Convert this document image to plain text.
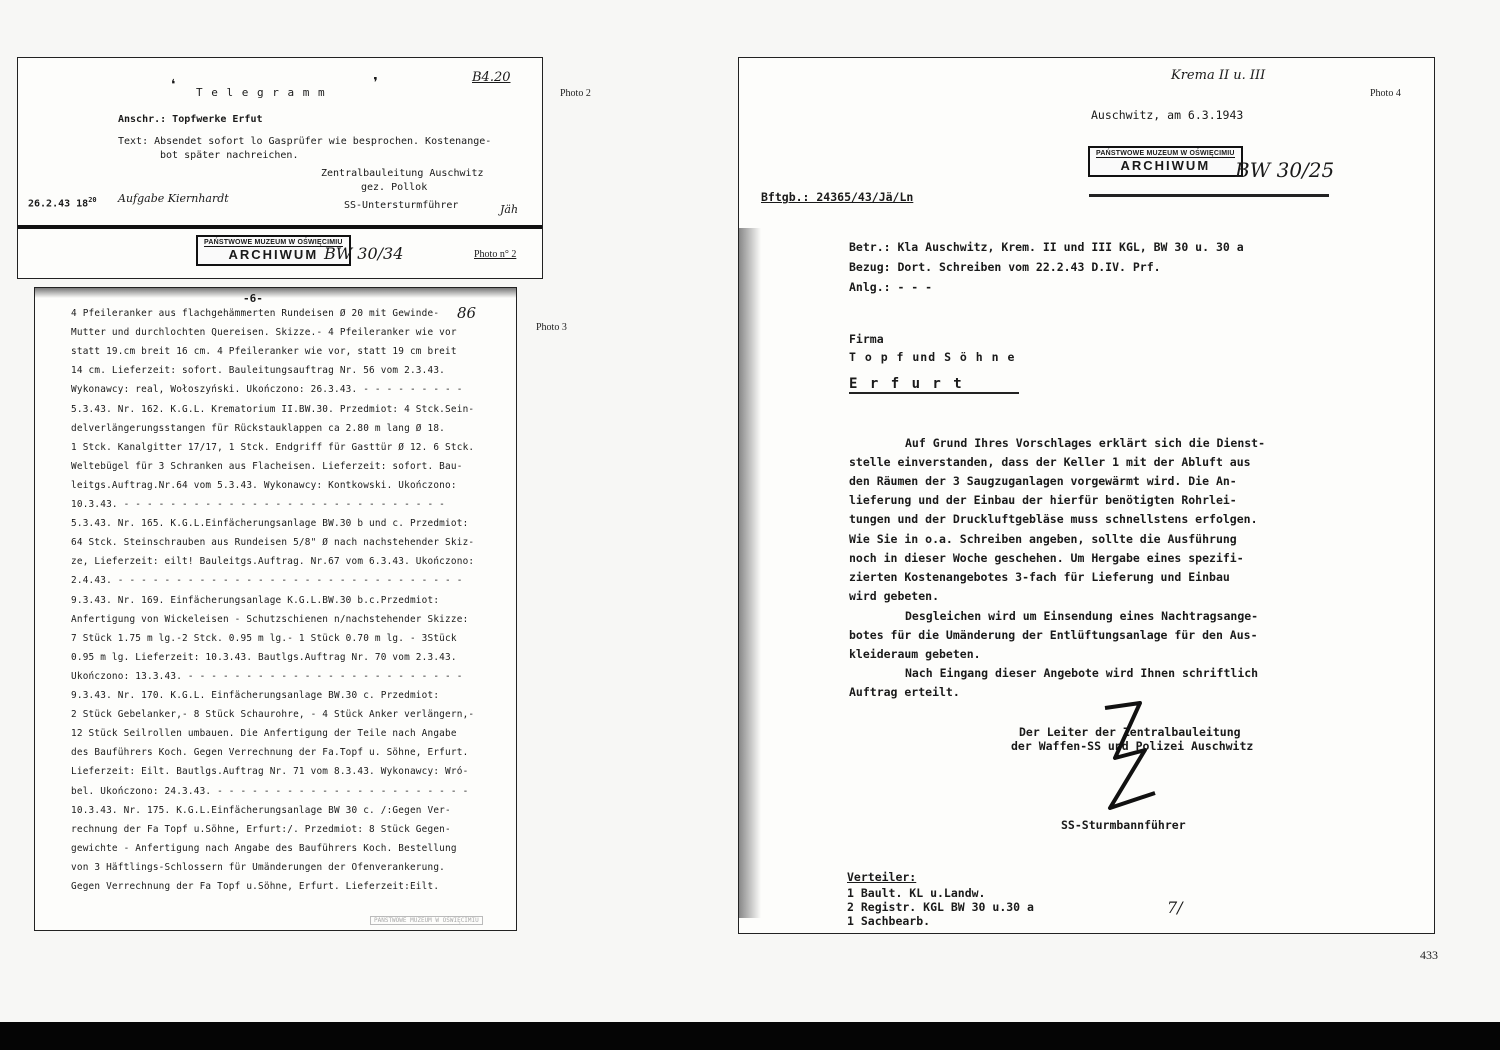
❛	❜	B4.20
T e l e g r a m m
Anschr.: Topfwerke Erfut
Text: Absendet sofort lo Gasprüfer wie besprochen. Kostenange-
bot später nachreichen.
Zentralbauleitung Auschwitz
gez. Pollok
SS-Untersturmführer
26.2.43 $18^{20}$ Aufgabe Kiernhardt
Jäh
PAŃSTWOWE MUZEUM W OŚWIĘCIMIU
ARCHIWUM BW 30/34	Photo n° 2
Photo 2
-6-
86
4 Pfeileranker aus flachgehämmerten Rundeisen Ø 20 mit Gewinde-
Mutter und durchlochten Quereisen. Skizze.- 4 Pfeileranker wie vor
statt 19.cm breit 16 cm. 4 Pfeileranker wie vor, statt 19 cm breit
14 cm. Lieferzeit: sofort. Bauleitungsauftrag Nr. 56 vom 2.3.43.
Wykonawcy: real, Wołoszyński. Ukończono: 26.3.43. - - - - - - - - -
5.3.43. Nr. 162. K.G.L. Krematorium II.BW.30. Przedmiot: 4 Stck.Sein-
delverlängerungsstangen für Rückstauklappen ca 2.80 m lang Ø 18.
1 Stck. Kanalgitter 17/17, 1 Stck. Endgriff für Gasttür Ø 12. 6 Stck.
Weltebügel für 3 Schranken aus Flacheisen. Lieferzeit: sofort. Bau-
leitgs.Auftrag.Nr.64 vom 5.3.43. Wykonawcy: Kontkowski. Ukończono:
10.3.43. - - - - - - - - - - - - - - - - - - - - - - - - - - - -
5.3.43. Nr. 165. K.G.L.Einfächerungsanlage BW.30 b und c. Przedmiot:
64 Stck. Steinschrauben aus Rundeisen 5/8" Ø nach nachstehender Skiz-
ze, Lieferzeit: eilt! Bauleitgs.Auftrag. Nr.67 vom 6.3.43. Ukończono:
2.4.43. - - - - - - - - - - - - - - - - - - - - - - - - - - - - - -
9.3.43. Nr. 169. Einfächerungsanlage K.G.L.BW.30 b.c.Przedmiot:
Anfertigung von Wickeleisen - Schutzschienen n/nachstehender Skizze:
7 Stück 1.75 m lg.-2 Stck. 0.95 m lg.- 1 Stück 0.70 m lg. - 3Stück
0.95 m lg. Lieferzeit: 10.3.43. Bautlgs.Auftrag Nr. 70 vom 2.3.43.
Ukończono: 13.3.43. - - - - - - - - - - - - - - - - - - - - - - - -
9.3.43. Nr. 170. K.G.L. Einfächerungsanlage BW.30 c. Przedmiot:
2 Stück Gebelanker,- 8 Stück Schaurohre, - 4 Stück Anker verlängern,-
12 Stück Seilrollen umbauen. Die Anfertigung der Teile nach Angabe
des Bauführers Koch. Gegen Verrechnung der Fa.Topf u. Söhne, Erfurt.
Lieferzeit: Eilt. Bautlgs.Auftrag Nr. 71 vom 8.3.43. Wykonawcy: Wró-
bel. Ukończono: 24.3.43. - - - - - - - - - - - - - - - - - - - - - -
10.3.43. Nr. 175. K.G.L.Einfächerungsanlage BW 30 c. /:Gegen Ver-
rechnung der Fa Topf u.Söhne, Erfurt:/. Przedmiot: 8 Stück Gegen-
gewichte - Anfertigung nach Angabe des Bauführers Koch. Bestellung
von 3 Häftlings-Schlossern für Umänderungen der Ofenverankerung.
Gegen Verrechnung der Fa Topf u.Söhne, Erfurt. Lieferzeit:Eilt.
PAŃSTWOWE MUZEUM W OŚWIĘCIMIU
Photo 3
Krema II u. III
Auschwitz, am 6.3.1943
PAŃSTWOWE MUZEUM W OŚWIĘCIMIU
ARCHIWUM	BW 30/25
Bftgb.: 24365/43/Jä/Ln
Betr.: Kla Auschwitz, Krem. II und III KGL, BW 30 u. 30 a
Bezug: Dort. Schreiben vom 22.2.43 D.IV. Prf.
Anlg.: - - -
Firma
T o p f und S ö h n e
E r f u r t
Auf Grund Ihres Vorschlages erklärt sich die Dienst-
stelle einverstanden, dass der Keller 1 mit der Abluft aus
den Räumen der 3 Saugzuganlagen vorgewärmt wird. Die An-
lieferung und der Einbau der hierfür benötigten Rohrlei-
tungen und der Druckluftgebläse muss schnellstens erfolgen.
Wie Sie in o.a. Schreiben angeben, sollte die Ausführung
noch in dieser Woche geschehen. Um Hergabe eines spezifi-
zierten Kostenangebotes 3-fach für Lieferung und Einbau
wird gebeten.
Desgleichen wird um Einsendung eines Nachtragsange-
botes für die Umänderung der Entlüftungsanlage für den Aus-
kleideraum gebeten.
Nach Eingang dieser Angebote wird Ihnen schriftlich
Auftrag erteilt.
Der Leiter der Zentralbauleitung
der Waffen-SS und Polizei Auschwitz
SS-Sturmbannführer
Verteiler:
1 Bault. KL u.Landw.
2 Registr. KGL BW 30 u.30 a
1 Sachbearb.
7/
Photo 4
433
